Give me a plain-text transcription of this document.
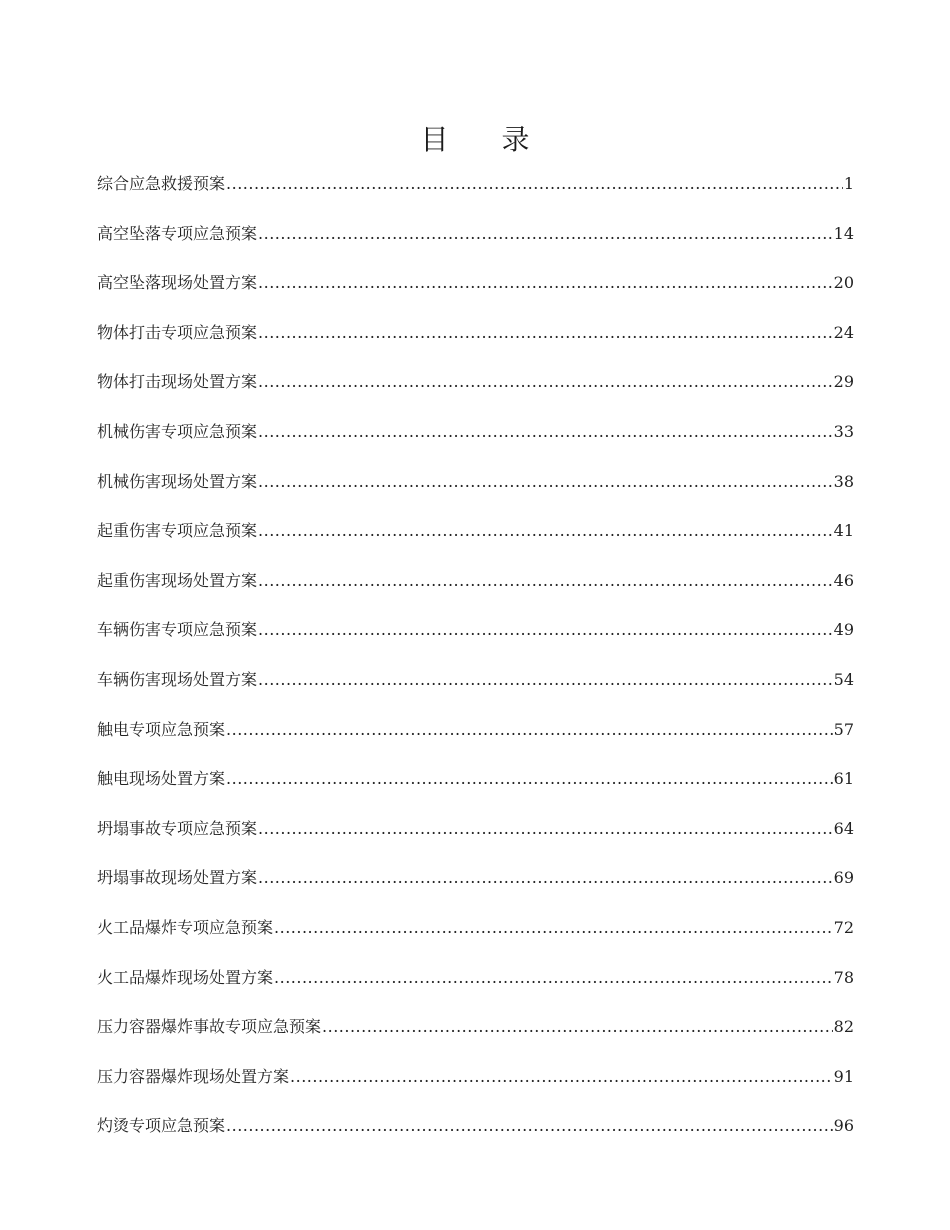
目 录
综合应急救援预案 .....	1
高空坠落专项应急预案 .....	14
高空坠落现场处置方案 .....	20
物体打击专项应急预案 .....	24
物体打击现场处置方案 .....	29
机械伤害专项应急预案 .....	33
机械伤害现场处置方案 .....	38
起重伤害专项应急预案 .....	41
起重伤害现场处置方案 .....	46
车辆伤害专项应急预案 .....	49
车辆伤害现场处置方案 .....	54
触电专项应急预案 .....	57
触电现场处置方案 .....	61
坍塌事故专项应急预案 .....	64
坍塌事故现场处置方案 .....	69
火工品爆炸专项应急预案 .....	72
火工品爆炸现场处置方案 .....	78
压力容器爆炸事故专项应急预案 .....	82
压力容器爆炸现场处置方案 .....	91
灼烫专项应急预案 .....	96
